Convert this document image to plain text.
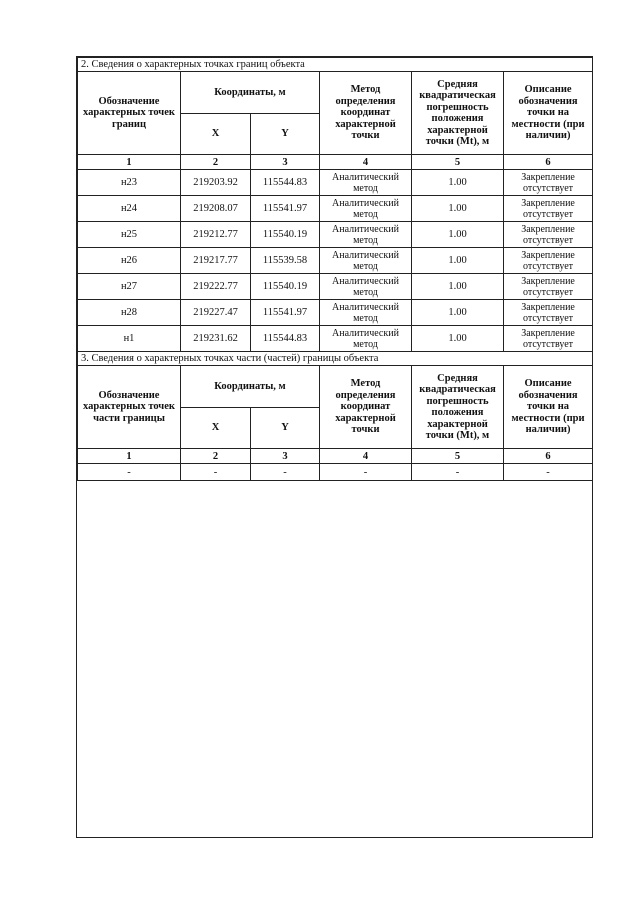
2. Сведения о характерных точках границ объекта					
Обозначение характерных точек границ	Координаты, м		Метод определения координат характерной точки	Средняя квадратическая погрешность положения характерной точки (Mt), м	Описание обозначения точки на местности (при наличии)
	X	Y			
1	2	3	4	5	6
н23	219203.92	115544.83	Аналитический метод	1.00	Закрепление отсутствует
н24	219208.07	115541.97	Аналитический метод	1.00	Закрепление отсутствует
н25	219212.77	115540.19	Аналитический метод	1.00	Закрепление отсутствует
н26	219217.77	115539.58	Аналитический метод	1.00	Закрепление отсутствует
н27	219222.77	115540.19	Аналитический метод	1.00	Закрепление отсутствует
н28	219227.47	115541.97	Аналитический метод	1.00	Закрепление отсутствует
н1	219231.62	115544.83	Аналитический метод	1.00	Закрепление отсутствует
3. Сведения о характерных точках части (частей) границы объекта					
Обозначение характерных точек части границы	Координаты, м		Метод определения координат характерной точки	Средняя квадратическая погрешность положения характерной точки (Mt), м	Описание обозначения точки на местности (при наличии)
	X	Y			
1	2	3	4	5	6
-	-	-	-	-	-
